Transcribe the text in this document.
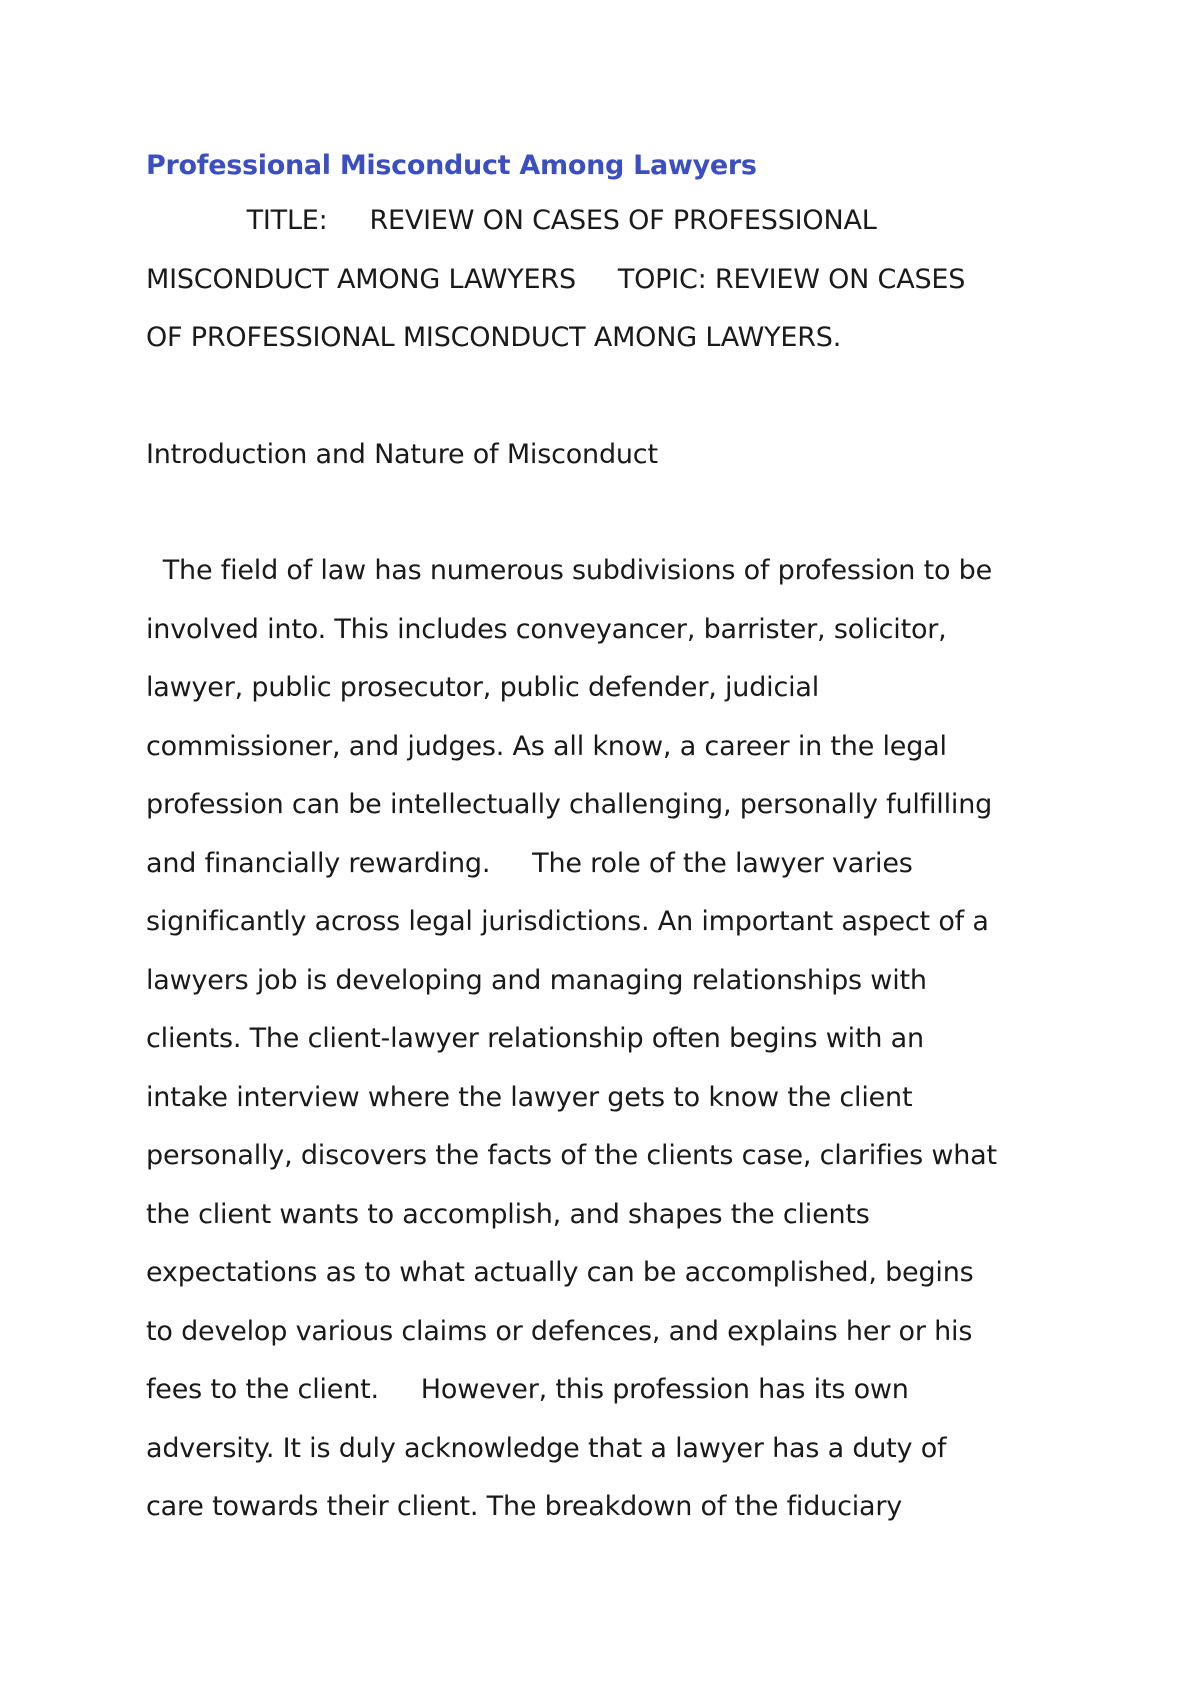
Professional Misconduct Among Lawyers

TITLE:     REVIEW ON CASES OF PROFESSIONAL

MISCONDUCT AMONG LAWYERS     TOPIC: REVIEW ON CASES

OF PROFESSIONAL MISCONDUCT AMONG LAWYERS.

Introduction and Nature of Misconduct

The field of law has numerous subdivisions of profession to be

involved into. This includes conveyancer, barrister, solicitor,

lawyer, public prosecutor, public defender, judicial

commissioner, and judges. As all know, a career in the legal

profession can be intellectually challenging, personally fulfilling

and financially rewarding.     The role of the lawyer varies

significantly across legal jurisdictions. An important aspect of a

lawyers job is developing and managing relationships with

clients. The client-lawyer relationship often begins with an

intake interview where the lawyer gets to know the client

personally, discovers the facts of the clients case, clarifies what

the client wants to accomplish, and shapes the clients

expectations as to what actually can be accomplished, begins

to develop various claims or defences, and explains her or his

fees to the client.     However, this profession has its own

adversity. It is duly acknowledge that a lawyer has a duty of

care towards their client. The breakdown of the fiduciary
